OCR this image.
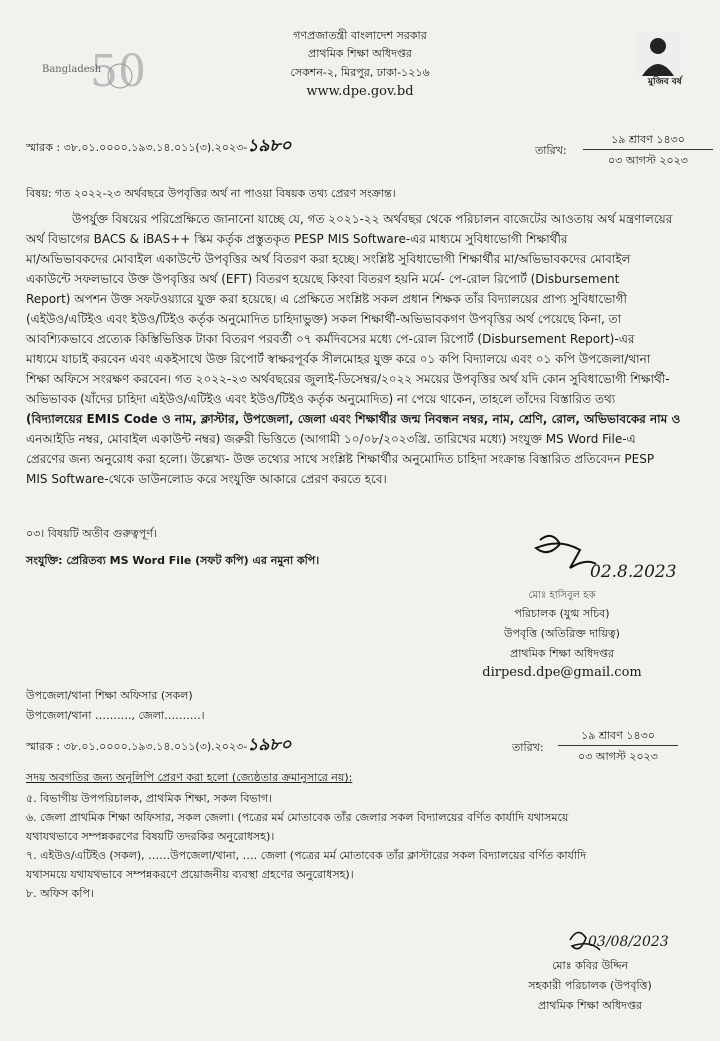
50
Bangladesh

গণপ্রজাতন্ত্রী বাংলাদেশ সরকার

প্রাথমিক শিক্ষা অধিদপ্তর

সেকশন-২, মিরপুর, ঢাকা-১২১৬

www.dpe.gov.bd

মুজিব বর্ষ
স্মারক : ৩৮.০১.০০০০.১৯৩.১৪.০১১(৩).২০২৩-১৯৮০	তারিখ:

১৯ শ্রাবণ ১৪৩০

০৩ আগস্ট ২০২৩

বিষয়: গত ২০২২-২৩ অর্থবছরে উপবৃত্তির অর্থ না পাওয়া বিষয়ক তথ্য প্রেরণ সংক্রান্ত।

উপর্যুক্ত বিষয়ের পরিপ্রেক্ষিতে জানানো যাচ্ছে যে, গত ২০২১-২২ অর্থবছর থেকে পরিচালন বাজেটের আওতায় অর্থ মন্ত্রণালয়ের

অর্থ বিভাগের BACS & iBAS++ স্কিম কর্তৃক প্রস্তুতকৃত PESP MIS Software-এর মাধ্যমে সুবিধাভোগী শিক্ষার্থীর

মা/অভিভাবকদের মোবাইল একাউন্টে উপবৃত্তির অর্থ বিতরণ করা হচ্ছে। সংশ্লিষ্ট সুবিধাভোগী শিক্ষার্থীর মা/অভিভাবকদের মোবাইল

একাউন্টে সফলভাবে উক্ত উপবৃত্তির অর্থ (EFT) বিতরণ হয়েছে কিংবা বিতরণ হয়নি মর্মে- পে-রোল রিপোর্ট (Disbursement

Report) অপশন উক্ত সফটওয়্যারে যুক্ত করা হয়েছে। এ প্রেক্ষিতে সংশ্লিষ্ট সকল প্রধান শিক্ষক তাঁর বিদ্যালয়ের প্রাপ্য সুবিধাভোগী

(এইউও/এটিইও এবং ইউও/টিইও কর্তৃক অনুমোদিত চাহিদাভুক্ত) সকল শিক্ষার্থী-অভিভাবকগণ উপবৃত্তির অর্থ পেয়েছে কিনা, তা

আবশ্যিকভাবে প্রত্যেক কিস্তিভিত্তিক টাকা বিতরণ পরবর্তী ০৭ কর্মদিবসের মধ্যে পে-রোল রিপোর্ট (Disbursement Report)-এর

মাধ্যমে যাচাই করবেন এবং একইসাথে উক্ত রিপোর্ট স্বাক্ষরপূর্বক সীলমোহর যুক্ত করে ০১ কপি বিদ্যালয়ে এবং ০১ কপি উপজেলা/থানা

শিক্ষা অফিসে সংরক্ষণ করবেন। গত ২০২২-২৩ অর্থবছরের জুলাই-ডিসেম্বর/২০২২ সময়ের উপবৃত্তির অর্থ যদি কোন সুবিধাভোগী শিক্ষার্থী-

অভিভাবক (যাঁদের চাহিদা এইউও/এটিইও এবং ইউও/টিইও কর্তৃক অনুমোদিত) না পেয়ে থাকেন, তাহলে তাঁদের বিস্তারিত তথ্য

(বিদ্যালয়ের EMIS Code ও নাম, ক্লাস্টার, উপজেলা, জেলা এবং শিক্ষার্থীর জন্ম নিবন্ধন নম্বর, নাম, শ্রেণি, রোল, অভিভাবকের নাম ও

এনআইডি নম্বর, মোবাইল একাউন্ট নম্বর) জরুরী ভিত্তিতে (আগামী ১০/০৮/২০২৩খ্রি. তারিখের মধ্যে) সংযুক্ত MS Word File-এ

প্রেরণের জন্য অনুরোধ করা হলো। উল্লেখ্য- উক্ত তথ্যের সাথে সংশ্লিষ্ট শিক্ষার্থীর অনুমোদিত চাহিদা সংক্রান্ত বিস্তারিত প্রতিবেদন PESP

MIS Software-থেকে ডাউনলোড করে সংযুক্তি আকারে প্রেরণ করতে হবে।

০৩। বিষয়টি অতীব গুরুত্বপূর্ণ।

সংযুক্তি: প্রেরিতব্য MS Word File (সফট কপি) এর নমুনা কপি।

02.8.2023

মোঃ হাসিবুল হক

পরিচালক (যুগ্ম সচিব)

উপবৃত্তি (অতিরিক্ত দায়িত্ব)

প্রাথমিক শিক্ষা অধিদপ্তর

dirpesd.dpe@gmail.com

উপজেলা/থানা শিক্ষা অফিসার (সকল)

উপজেলা/থানা ………., জেলা……….।

স্মারক : ৩৮.০১.০০০০.১৯৩.১৪.০১১(৩).২০২৩-১৯৮০	তারিখ:

১৯ শ্রাবণ ১৪৩০

০৩ আগস্ট ২০২৩

সদয় অবগতির জন্য অনুলিপি প্রেরণ করা হলো (জ্যেষ্ঠতার ক্রমানুসারে নয়):

৫. বিভাগীয় উপপরিচালক, প্রাথমিক শিক্ষা, সকল বিভাগ।

৬. জেলা প্রাথমিক শিক্ষা অফিসার, সকল জেলা। (পত্রের মর্ম মোতাবেক তাঁর জেলার সকল বিদ্যালয়ের বর্ণিত কার্যাদি যথাসময়ে

যথাযথভাবে সম্পন্নকরণের বিষয়টি তদরকির অনুরোধসহ)।

৭. এইউও/এটিইও (সকল), ……উপজেলা/থানা, …. জেলা (পত্রের মর্ম মোতাবেক তাঁর ক্লাস্টারের সকল বিদ্যালয়ের বর্ণিত কার্যাদি

যথাসময়ে যথাযথভাবে সম্পন্নকরণে প্রয়োজনীয় ব্যবস্থা গ্রহণের অনুরোধসহ)।

৮. অফিস কপি।

03/08/2023

মোঃ কবির উদ্দিন

সহকারী পরিচালক (উপবৃত্তি)

প্রাথমিক শিক্ষা অধিদপ্তর
